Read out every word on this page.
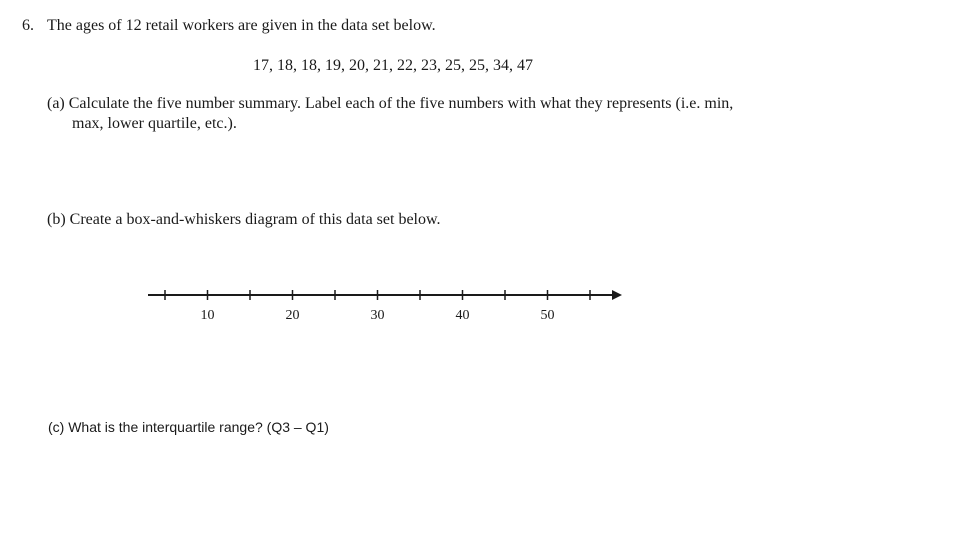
6. The ages of 12 retail workers are given in the data set below.
17, 18, 18, 19, 20, 21, 22, 23, 25, 25, 34, 47
(a) Calculate the five number summary. Label each of the five numbers with what they represents (i.e. min,
max, lower quartile, etc.).
(b) Create a box-and-whiskers diagram of this data set below.
10	20	30	40	50
(c) What is the interquartile range? (Q3 – Q1)
